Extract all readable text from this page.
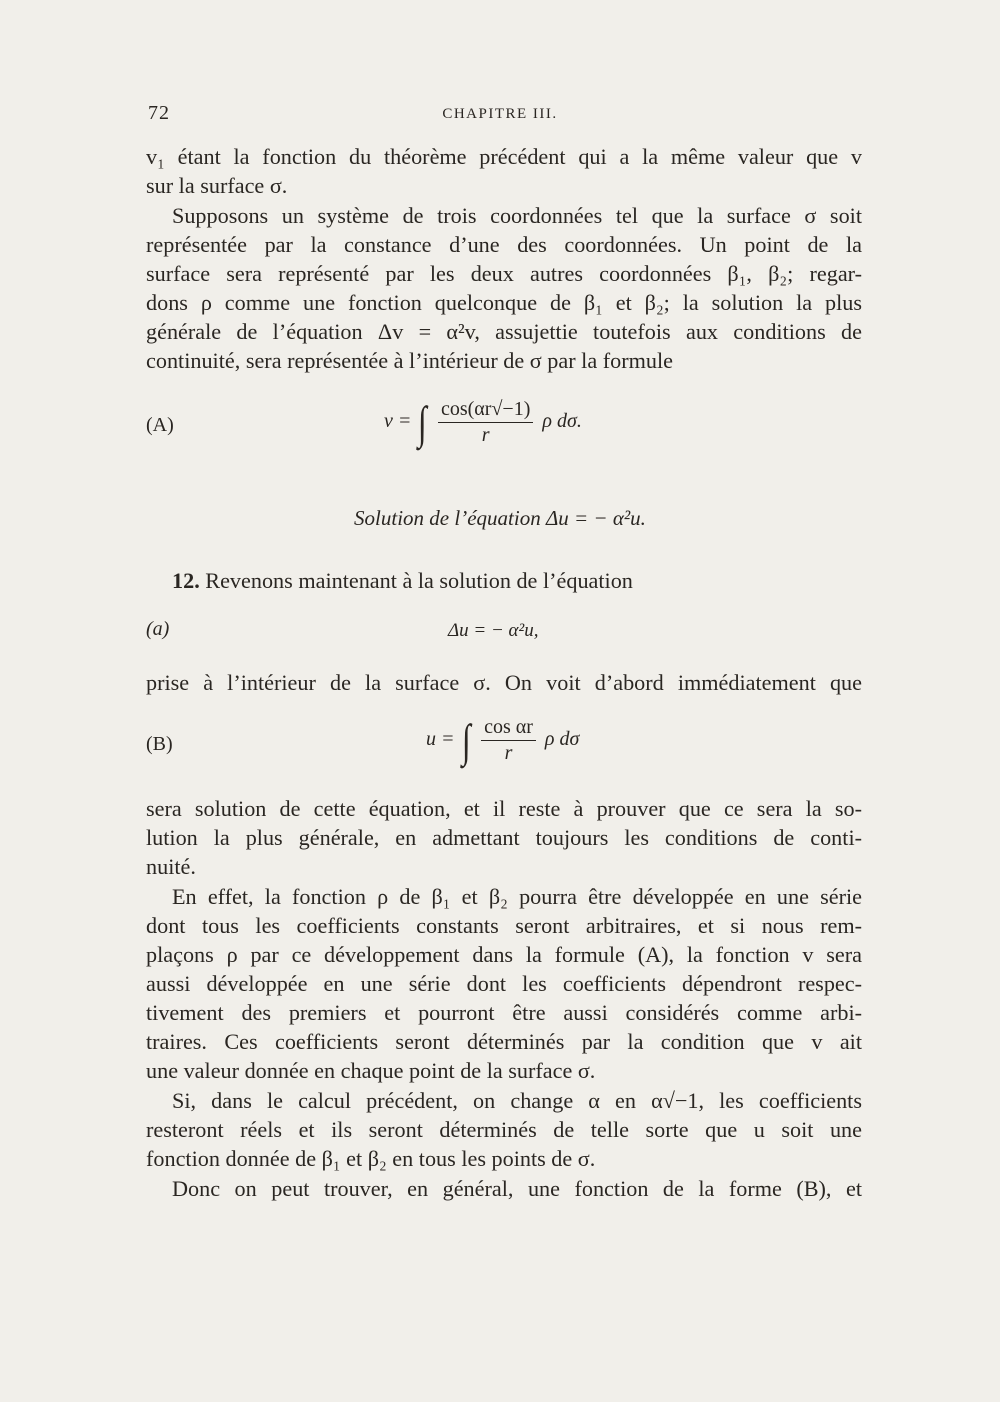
72	CHAPITRE III.
v₁ étant la fonction du théorème précédent qui a la même valeur que v
sur la surface σ.
Supposons un système de trois coordonnées tel que la surface σ soit
représentée par la constance d’une des coordonnées. Un point de la
surface sera représenté par les deux autres coordonnées β₁, β₂; regar-
dons ρ comme une fonction quelconque de β₁ et β₂; la solution la plus
générale de l’équation Δv = α²v, assujettie toutefois aux conditions de
continuité, sera représentée à l’intérieur de σ par la formule
(A)	v = ∫ $\frac{\cos(\alpha r√-1)}{r}$ ρ dσ.
Solution de l’équation Δu = − α²u.
12. Revenons maintenant à la solution de l’équation
(a)	Δu = − α²u,
prise à l’intérieur de la surface σ. On voit d’abord immédiatement que
(B)	u = ∫ $\frac{\text{cos αr}}{r}$ ρ dσ
sera solution de cette équation, et il reste à prouver que ce sera la so-
lution la plus générale, en admettant toujours les conditions de conti-
nuité.
En effet, la fonction ρ de β₁ et β₂ pourra être développée en une série
dont tous les coefficients constants seront arbitraires, et si nous rem-
plaçons ρ par ce développement dans la formule (A), la fonction v sera
aussi développée en une série dont les coefficients dépendront respec-
tivement des premiers et pourront être aussi considérés comme arbi-
traires. Ces coefficients seront déterminés par la condition que v ait
une valeur donnée en chaque point de la surface σ.
Si, dans le calcul précédent, on change α en α√−1, les coefficients
resteront réels et ils seront déterminés de telle sorte que u soit une
fonction donnée de β₁ et β₂ en tous les points de σ.
Donc on peut trouver, en général, une fonction de la forme (B), et
